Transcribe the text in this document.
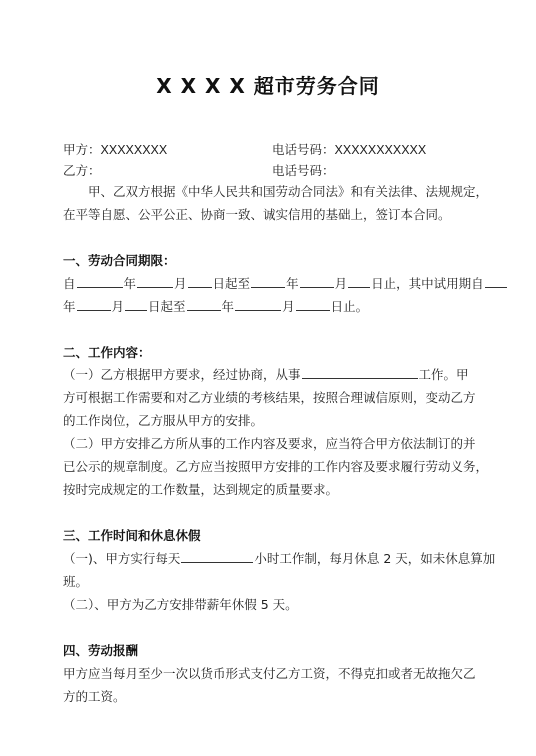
X X X X 超市劳务合同
甲方：XXXXXXXX	电话号码：XXXXXXXXXXX
乙方：	电话号码：
甲、乙双方根据《中华人民共和国劳动合同法》和有关法律、法规规定，
在平等自愿、公平公正、协商一致、诚实信用的基础上，签订本合同。
一、劳动合同期限：
自	年	月 日起至	年	月 日止，其中试用期自
年	月 日起至	年	月	日止。
二、工作内容：
（一）乙方根据甲方要求，经过协商，从事	工作。甲
方可根据工作需要和对乙方业绩的考核结果，按照合理诚信原则，变动乙方
的工作岗位，乙方服从甲方的安排。
（二）甲方安排乙方所从事的工作内容及要求，应当符合甲方依法制订的并
已公示的规章制度。乙方应当按照甲方安排的工作内容及要求履行劳动义务，
按时完成规定的工作数量，达到规定的质量要求。
三、工作时间和休息休假
（一)、甲方实行每天	小时工作制，每月休息 2 天，如未休息算加
班。
（二）、甲方为乙方安排带薪年休假 5 天。
四、劳动报酬
甲方应当每月至少一次以货币形式支付乙方工资，不得克扣或者无故拖欠乙
方的工资。
